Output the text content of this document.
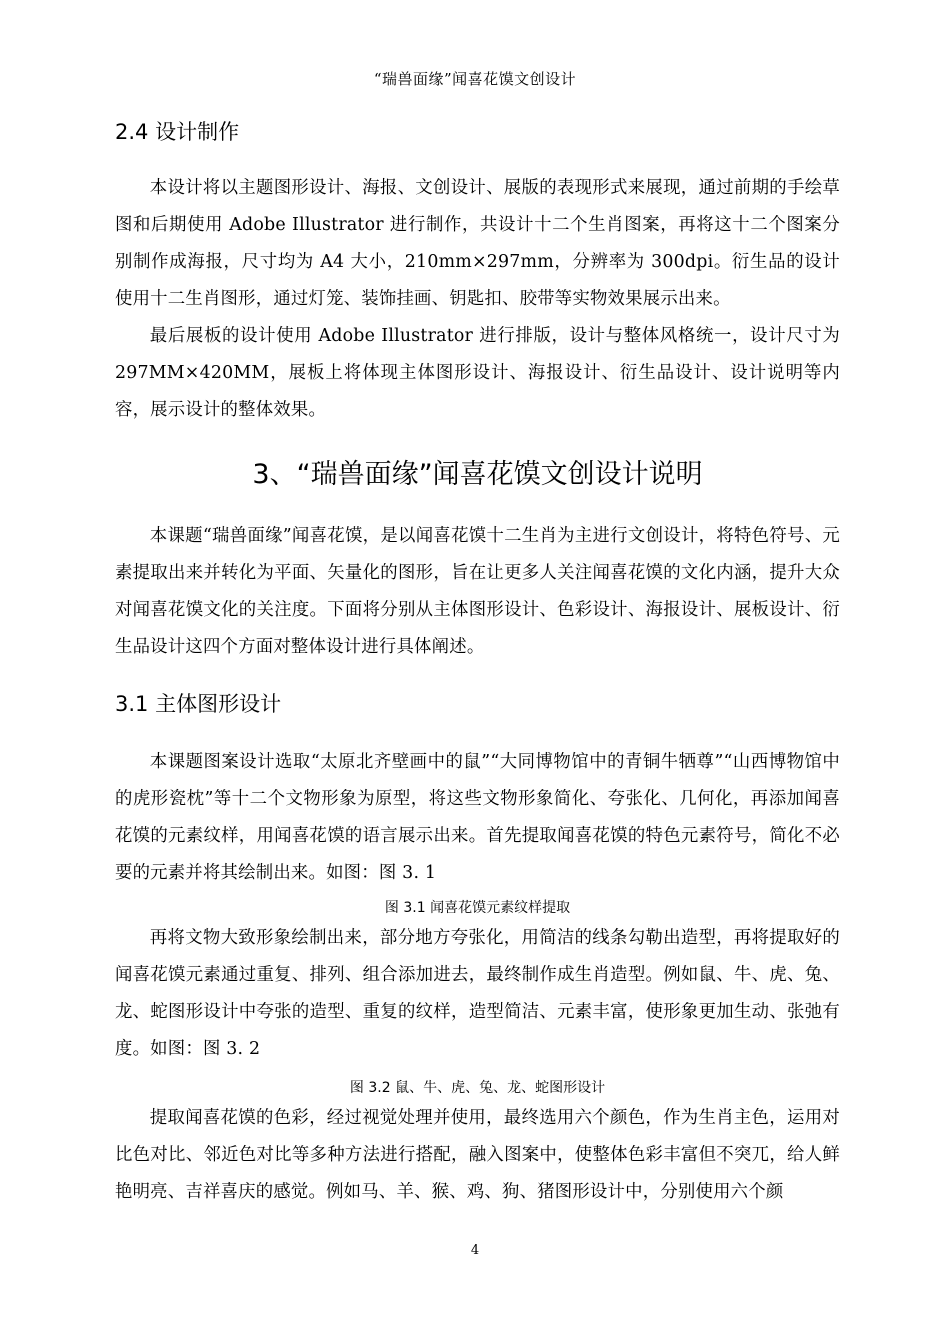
“瑞兽面缘”闻喜花馍文创设计
2.4 设计制作

本设计将以主题图形设计、海报、文创设计、展版的表现形式来展现，通过前期的手绘草图和后期使用 Adobe Illustrator 进行制作，共设计十二个生肖图案，再将这十二个图案分别制作成海报，尺寸均为 A4 大小，210mm×297mm，分辨率为 300dpi。衍生品的设计使用十二生肖图形，通过灯笼、装饰挂画、钥匙扣、胶带等实物效果展示出来。

最后展板的设计使用 Adobe Illustrator 进行排版，设计与整体风格统一，设计尺寸为 297MM×420MM，展板上将体现主体图形设计、海报设计、衍生品设计、设计说明等内容，展示设计的整体效果。

3、“瑞兽面缘”闻喜花馍文创设计说明

本课题“瑞兽面缘”闻喜花馍，是以闻喜花馍十二生肖为主进行文创设计，将特色符号、元素提取出来并转化为平面、矢量化的图形，旨在让更多人关注闻喜花馍的文化内涵，提升大众对闻喜花馍文化的关注度。下面将分别从主体图形设计、色彩设计、海报设计、展板设计、衍生品设计这四个方面对整体设计进行具体阐述。

3.1 主体图形设计

本课题图案设计选取“太原北齐壁画中的鼠”“大同博物馆中的青铜牛牺尊”“山西博物馆中的虎形瓷枕”等十二个文物形象为原型，将这些文物形象简化、夸张化、几何化，再添加闻喜花馍的元素纹样，用闻喜花馍的语言展示出来。首先提取闻喜花馍的特色元素符号，简化不必要的元素并将其绘制出来。如图：图 3. 1

图 3.1 闻喜花馍元素纹样提取

再将文物大致形象绘制出来，部分地方夸张化，用简洁的线条勾勒出造型，再将提取好的闻喜花馍元素通过重复、排列、组合添加进去，最终制作成生肖造型。例如鼠、牛、虎、兔、龙、蛇图形设计中夸张的造型、重复的纹样，造型简洁、元素丰富，使形象更加生动、张弛有度。如图：图 3. 2

图 3.2 鼠、牛、虎、兔、龙、蛇图形设计

提取闻喜花馍的色彩，经过视觉处理并使用，最终选用六个颜色，作为生肖主色，运用对比色对比、邻近色对比等多种方法进行搭配，融入图案中，使整体色彩丰富但不突兀，给人鲜艳明亮、吉祥喜庆的感觉。例如马、羊、猴、鸡、狗、猪图形设计中，分别使用六个颜

4
